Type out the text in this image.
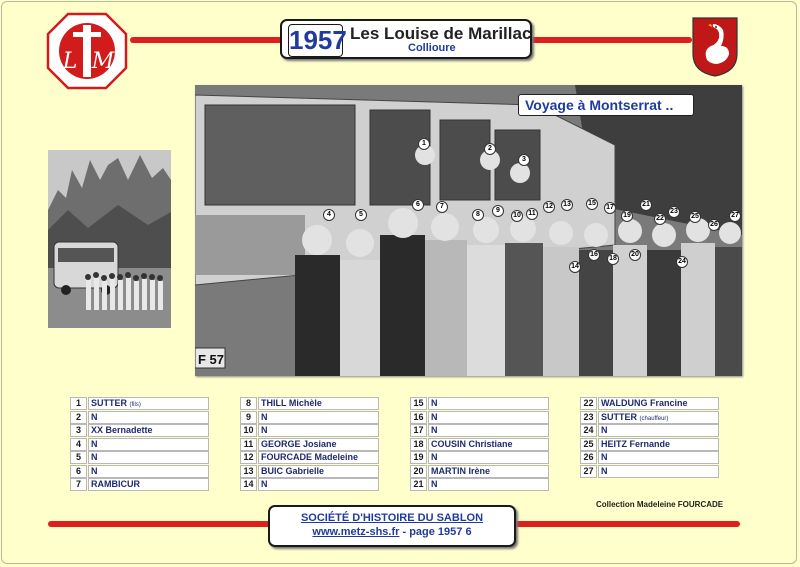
L M
1957 Les Louise de Marillac
Collioure
F 57
Voyage à Montserrat ..
1
2
3
4	5
6	7
8
9
10	11
12	13
14
15
16
17
18
19
20
21
22
23
24
25
26
27
1	SUTTER (fils)
2	N
3	XX Bernadette
4	N
5	N
6	N
7	RAMBICUR
8	THILL Michèle
9	N
10 N
11 GEORGE Josiane
12 FOURCADE Madeleine
13 BUIC Gabrielle
14 N
15 N
16 N
17 N
18 COUSIN Christiane
19 N
20 MARTIN Irène
21 N
22 WALDUNG Francine
23 SUTTER (chauffeur)
24 N
25 HEITZ Fernande
26 N
27 N
Collection Madeleine FOURCADE
SOCIÉTÉ D'HISTOIRE DU SABLON
www.metz-shs.fr - page 1957 6
